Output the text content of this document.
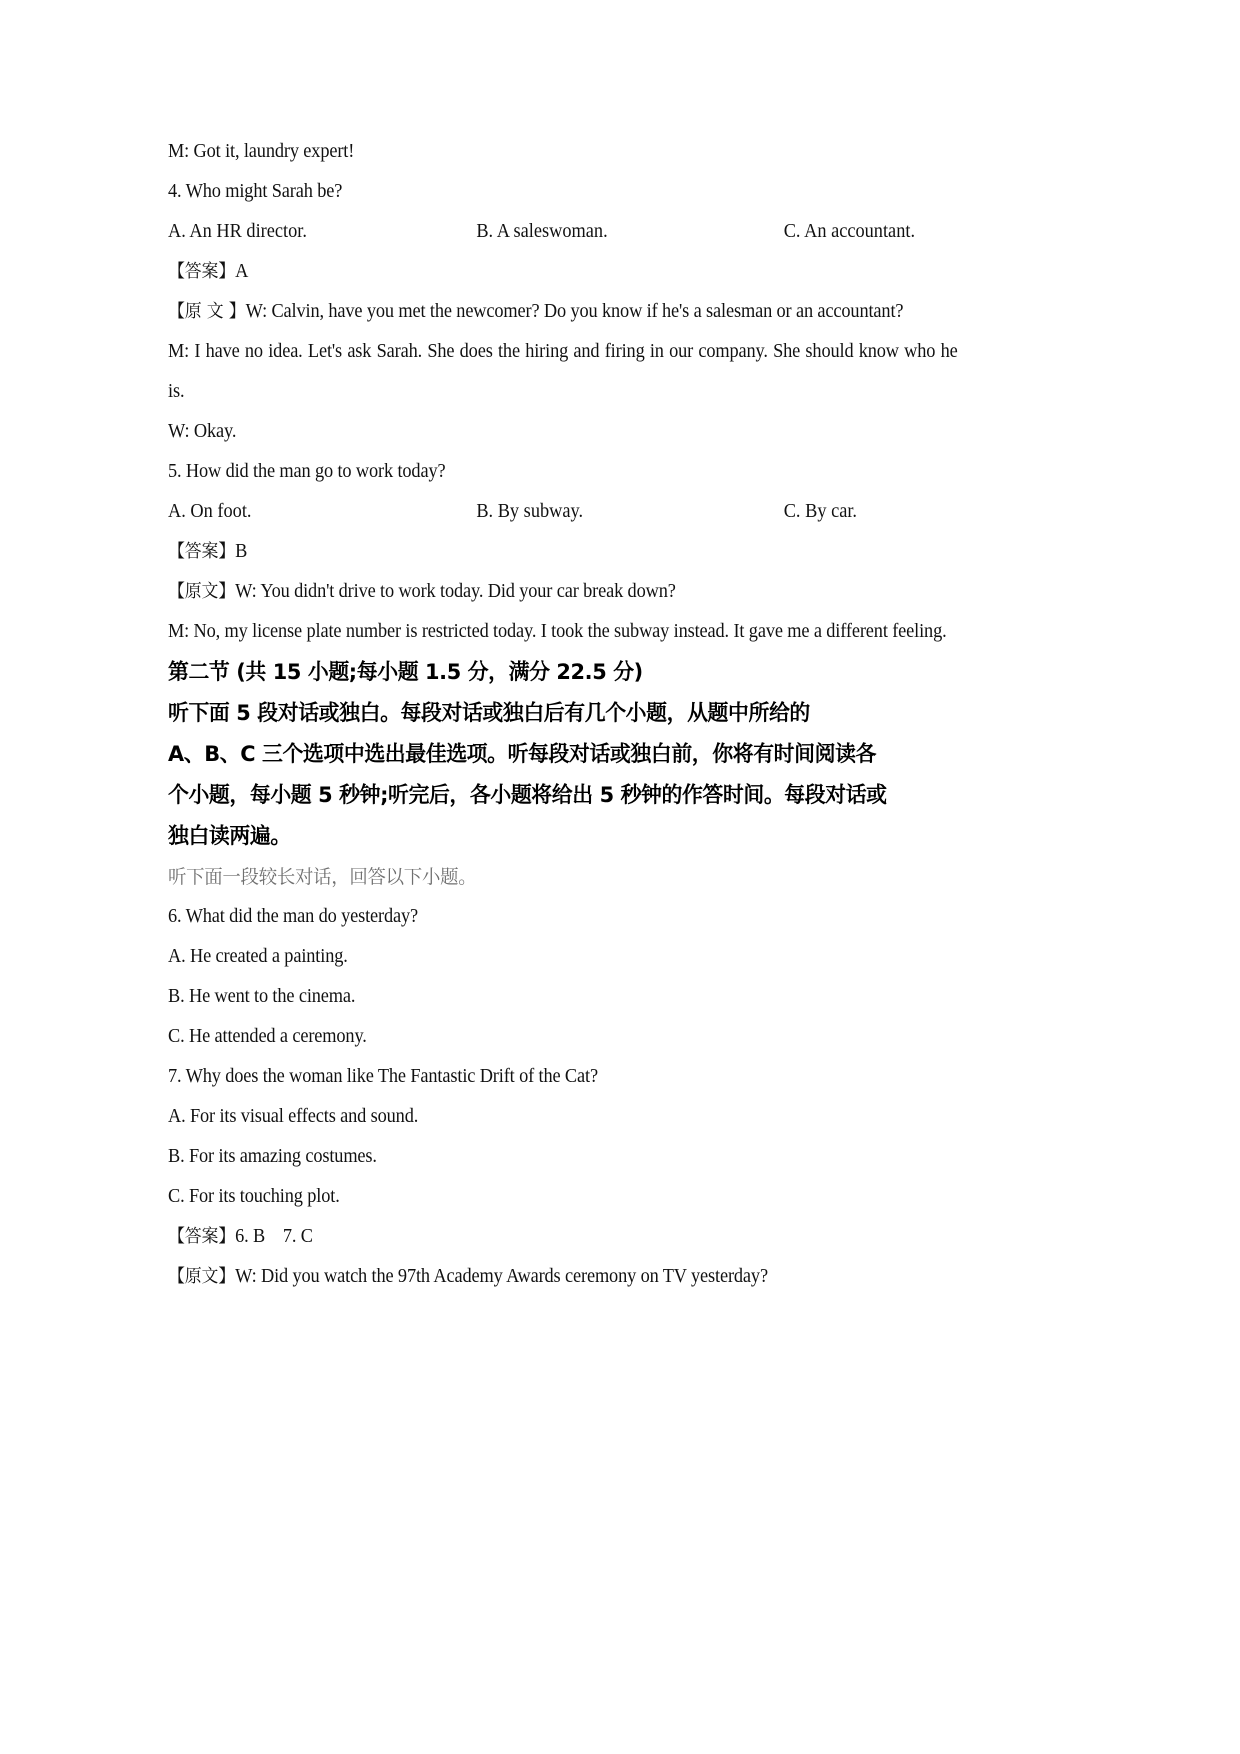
M: Got it, laundry expert!

4. Who might Sarah be?

A. An HR director.	B. A saleswoman.	C. An accountant.

【答案】A

【原 文 】W: Calvin, have you met the newcomer? Do you know if he's a salesman or an accountant?

M: I have no idea. Let's ask Sarah. She does the hiring and firing in our company. She should know who he is.

W: Okay.

5. How did the man go to work today?

A. On foot.	B. By subway.	C. By car.

【答案】B

【原文】W: You didn't drive to work today. Did your car break down?

M: No, my license plate number is restricted today. I took the subway instead. It gave me a different feeling.

第二节 (共 15 小题;每小题 1.5 分，满分 22.5 分)

听下面 5 段对话或独白。每段对话或独白后有几个小题，从题中所给的

A、B、C 三个选项中选出最佳选项。听每段对话或独白前，你将有时间阅读各

个小题，每小题 5 秒钟;听完后，各小题将给出 5 秒钟的作答时间。每段对话或

独白读两遍。

听下面一段较长对话，回答以下小题。

6. What did the man do yesterday?

A. He created a painting.

B. He went to the cinema.

C. He attended a ceremony.

7. Why does the woman like The Fantastic Drift of the Cat?

A. For its visual effects and sound.

B. For its amazing costumes.

C. For its touching plot.

【答案】6. B    7. C

【原文】W: Did you watch the 97th Academy Awards ceremony on TV yesterday?
